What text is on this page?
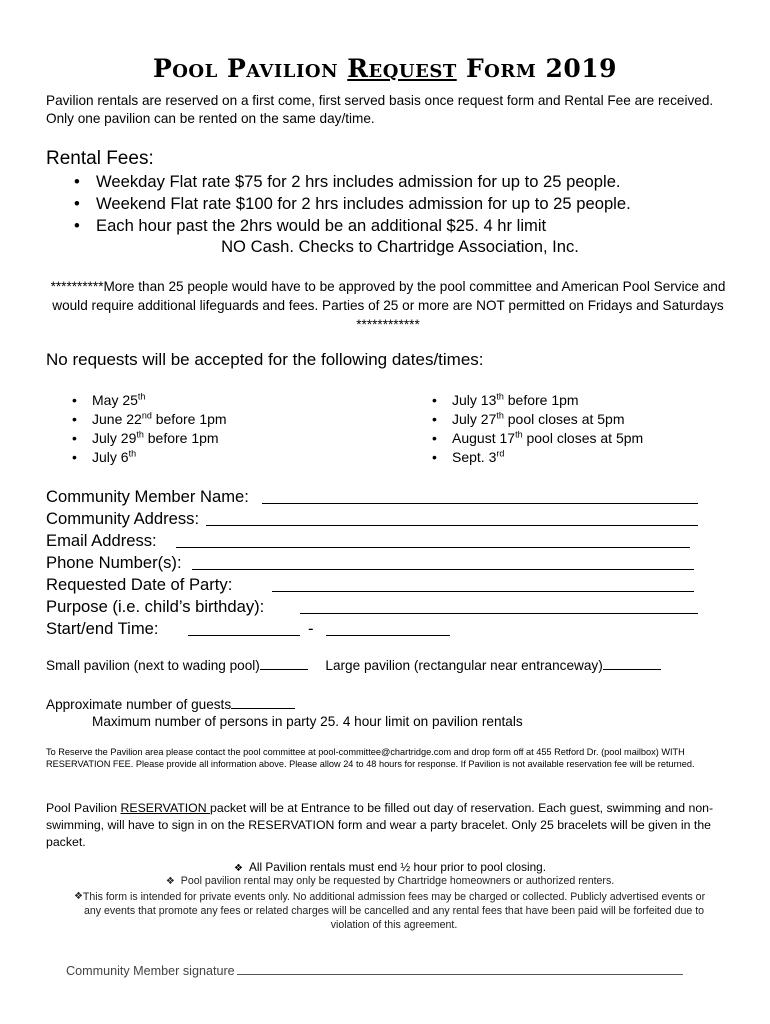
Pool Pavilion Request Form 2019
Pavilion rentals are reserved on a first come, first served basis once request form and Rental Fee are received. Only one pavilion can be rented on the same day/time.
Rental Fees:
• Weekday Flat rate $75 for 2 hrs includes admission for up to 25 people.
• Weekend Flat rate $100 for 2 hrs includes admission for up to 25 people.
• Each hour past the 2hrs would be an additional $25. 4 hr limit
NO Cash. Checks to Chartridge Association, Inc.
**********More than 25 people would have to be approved by the pool committee and American Pool Service and would require additional lifeguards and fees. Parties of 25 or more are NOT permitted on Fridays and Saturdays ************
No requests will be accepted for the following dates/times:
• May 25th
• June 22nd before 1pm
• July 29th before 1pm
• July 6th
• July 13th before 1pm
• July 27th pool closes at 5pm
• August 17th pool closes at 5pm
• Sept. 3rd
Community Member Name:
Community Address:
Email Address:
Phone Number(s):
Requested Date of Party:
Purpose (i.e. child’s birthday):
Start/end Time:	-
Small pavilion (next to wading pool)	Large pavilion (rectangular near entranceway)
Approximate number of guests
Maximum number of persons in party 25. 4 hour limit on pavilion rentals
To Reserve the Pavilion area please contact the pool committee at pool-committee@chartridge.com and drop form off at 455 Retford Dr. (pool mailbox) WITH RESERVATION FEE. Please provide all information above. Please allow 24 to 48 hours for response. If Pavilion is not available reservation fee will be returned.
Pool Pavilion RESERVATION packet will be at Entrance to be filled out day of reservation. Each guest, swimming and non-swimming, will have to sign in on the RESERVATION form and wear a party bracelet. Only 25 bracelets will be given in the packet.
❖ All Pavilion rentals must end ½ hour prior to pool closing.
❖ Pool pavilion rental may only be requested by Chartridge homeowners or authorized renters.
❖ This form is intended for private events only. No additional admission fees may be charged or collected. Publicly advertised events or any events that promote any fees or related charges will be cancelled and any rental fees that have been paid will be forfeited due to violation of this agreement.
Community Member signature
